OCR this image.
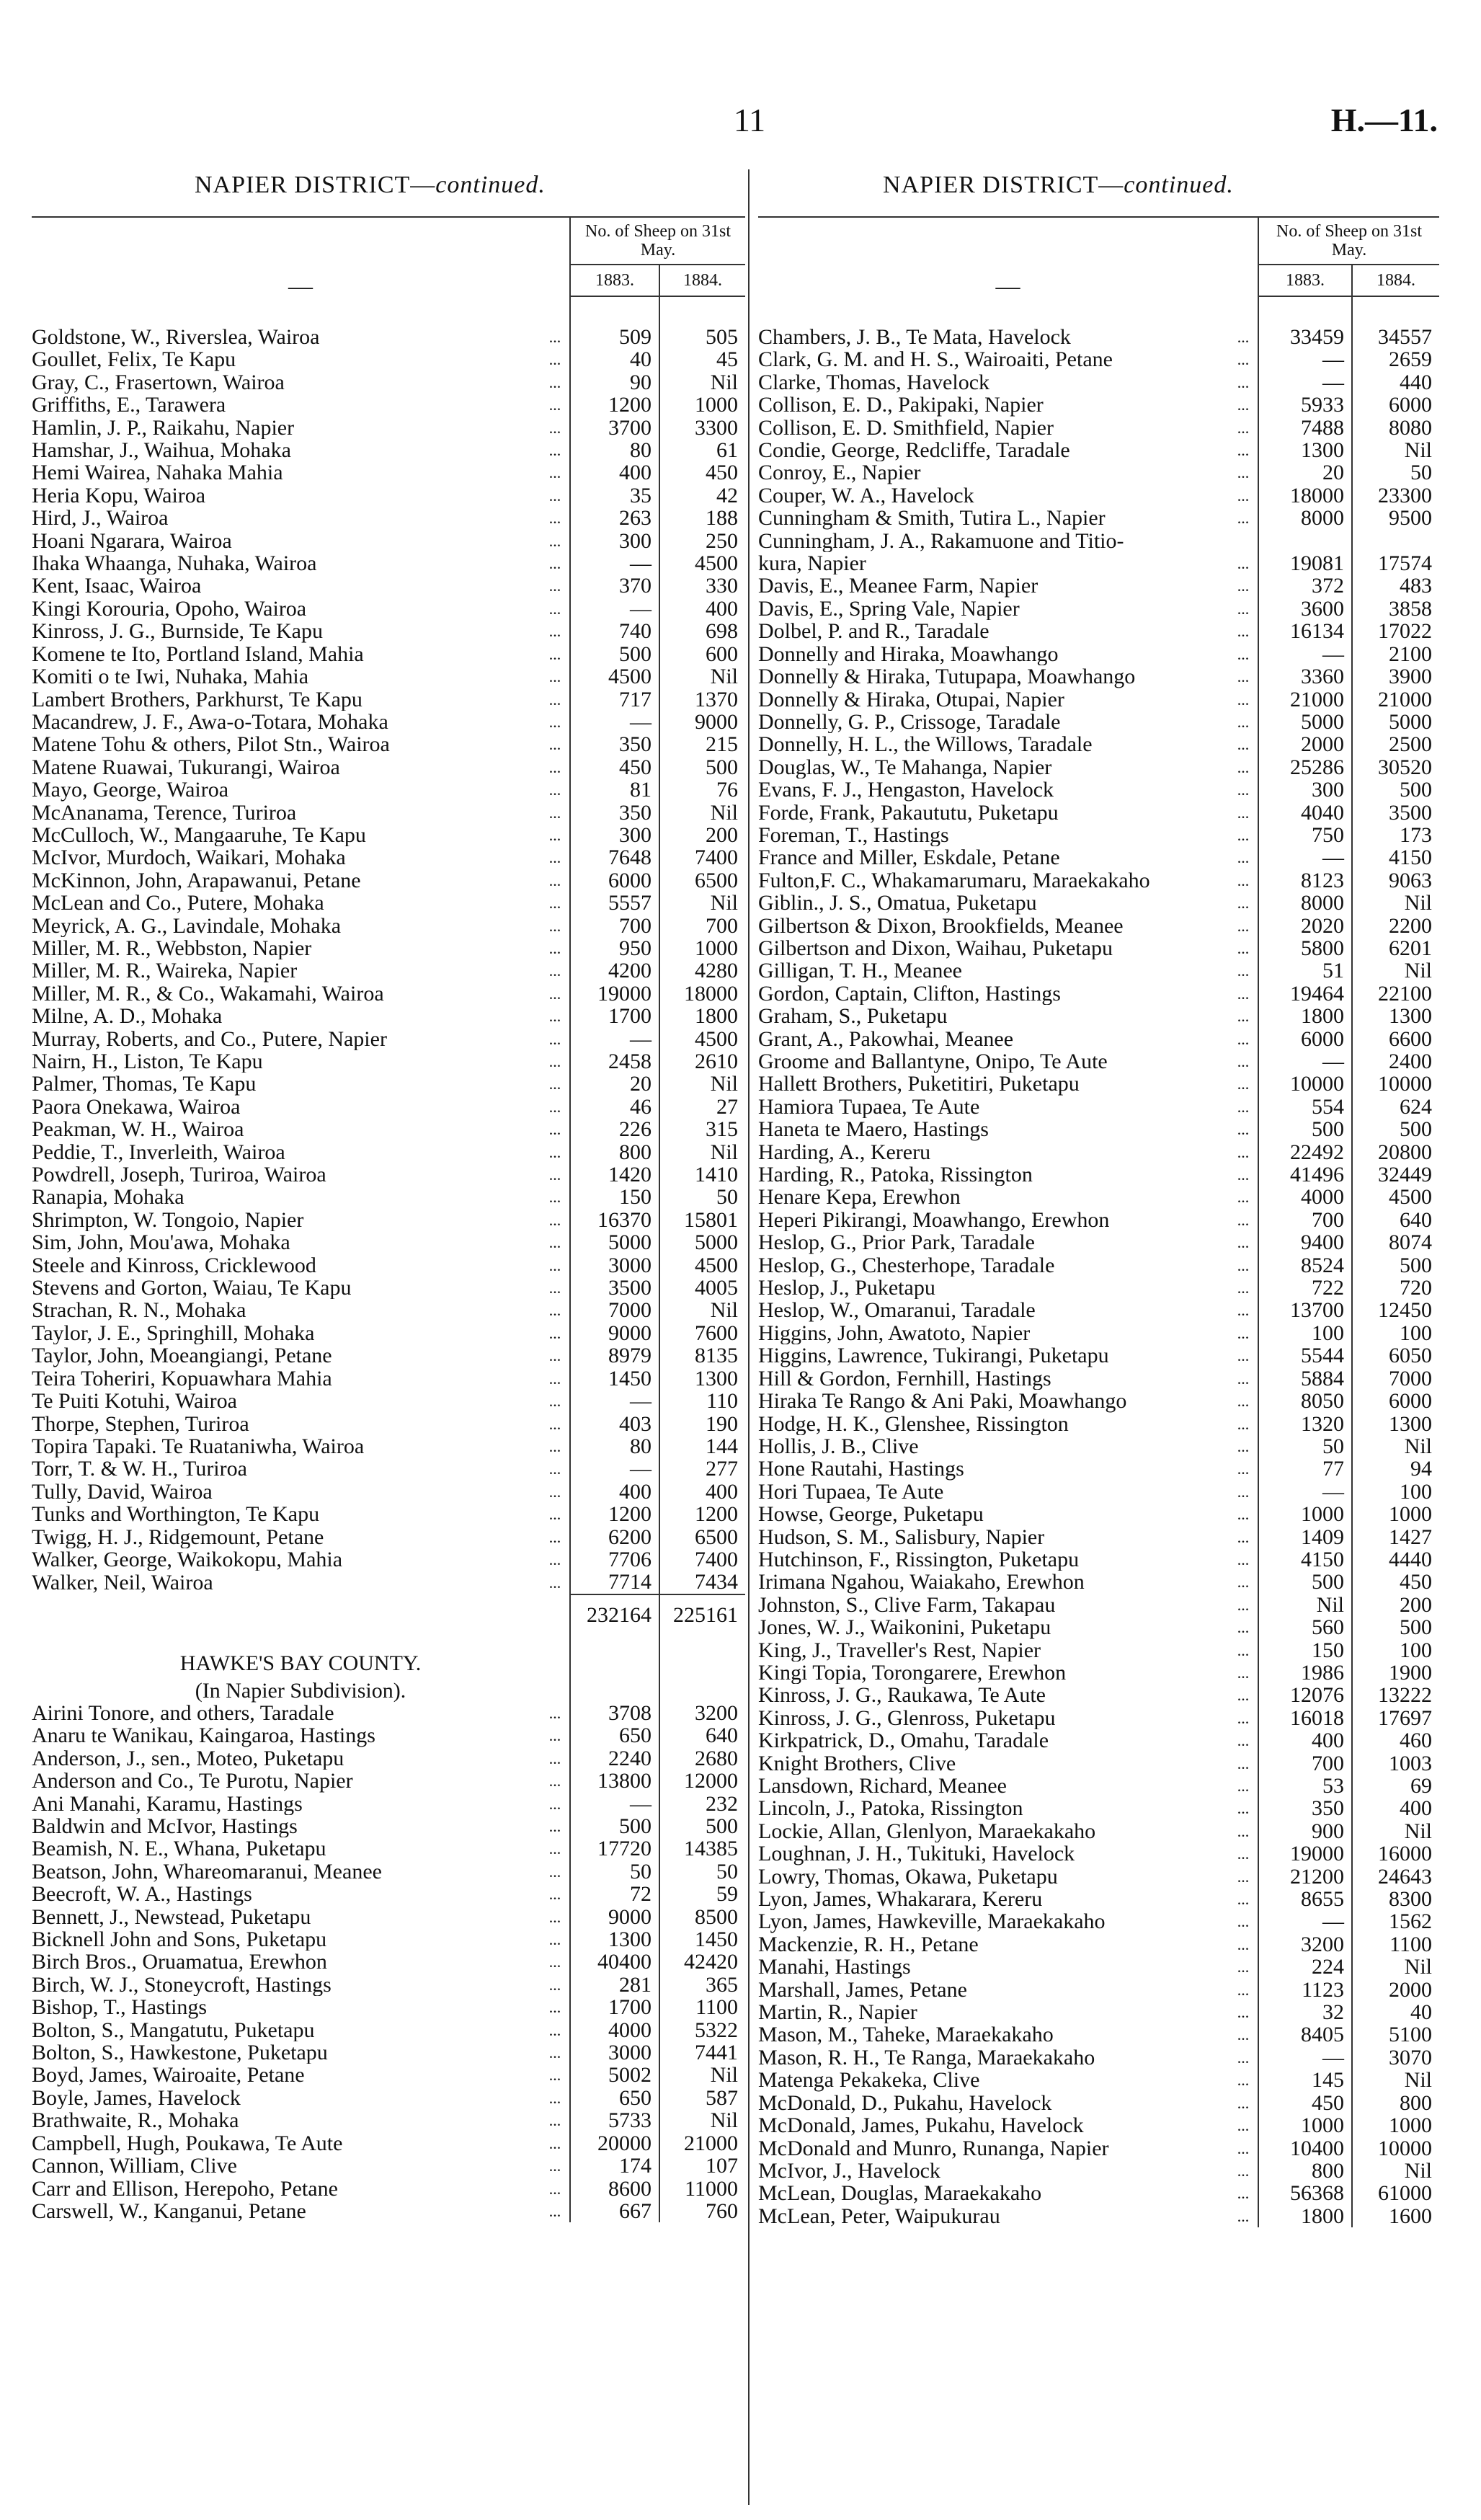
11	H.—11.
NAPIER DISTRICT—continued.	NAPIER DISTRICT—continued.
—		No. of Sheep on 31st May.	
		1883.	1884.

Goldstone, W., Riverslea, Wairoa	...	509	505
Goullet, Felix, Te Kapu	...	40	45
Gray, C., Frasertown, Wairoa	...	90	Nil
Griffiths, E., Tarawera	...	1200	1000
Hamlin, J. P., Raikahu, Napier	...	3700	3300
Hamshar, J., Waihua, Mohaka	...	80	61
Hemi Wairea, Nahaka Mahia	...	400	450
Heria Kopu, Wairoa	...	35	42
Hird, J., Wairoa	...	263	188
Hoani Ngarara, Wairoa	...	300	250
Ihaka Whaanga, Nuhaka, Wairoa	...	—	4500
Kent, Isaac, Wairoa	...	370	330
Kingi Korouria, Opoho, Wairoa	...	—	400
Kinross, J. G., Burnside, Te Kapu	...	740	698
Komene te Ito, Portland Island, Mahia	...	500	600
Komiti o te Iwi, Nuhaka, Mahia	...	4500	Nil
Lambert Brothers, Parkhurst, Te Kapu	...	717	1370
Macandrew, J. F., Awa-o-Totara, Mohaka	...	—	9000
Matene Tohu & others, Pilot Stn., Wairoa	...	350	215
Matene Ruawai, Tukurangi, Wairoa	...	450	500
Mayo, George, Wairoa	...	81	76
McAnanama, Terence, Turiroa	...	350	Nil
McCulloch, W., Mangaaruhe, Te Kapu	...	300	200
McIvor, Murdoch, Waikari, Mohaka	...	7648	7400
McKinnon, John, Arapawanui, Petane	...	6000	6500
McLean and Co., Putere, Mohaka	...	5557	Nil
Meyrick, A. G., Lavindale, Mohaka	...	700	700
Miller, M. R., Webbston, Napier	...	950	1000
Miller, M. R., Waireka, Napier	...	4200	4280
Miller, M. R., & Co., Wakamahi, Wairoa	...	19000	18000
Milne, A. D., Mohaka	...	1700	1800
Murray, Roberts, and Co., Putere, Napier	...	—	4500
Nairn, H., Liston, Te Kapu	...	2458	2610
Palmer, Thomas, Te Kapu	...	20	Nil
Paora Onekawa, Wairoa	...	46	27
Peakman, W. H., Wairoa	...	226	315
Peddie, T., Inverleith, Wairoa	...	800	Nil
Powdrell, Joseph, Turiroa, Wairoa	...	1420	1410
Ranapia, Mohaka	...	150	50
Shrimpton, W. Tongoio, Napier	...	16370	15801
Sim, John, Mou'awa, Mohaka	...	5000	5000
Steele and Kinross, Cricklewood	...	3000	4500
Stevens and Gorton, Waiau, Te Kapu	...	3500	4005
Strachan, R. N., Mohaka	...	7000	Nil
Taylor, J. E., Springhill, Mohaka	...	9000	7600
Taylor, John, Moeangiangi, Petane	...	8979	8135
Teira Toheriri, Kopuawhara Mahia	...	1450	1300
Te Puiti Kotuhi, Wairoa	...	—	110
Thorpe, Stephen, Turiroa	...	403	190
Topira Tapaki. Te Ruataniwha, Wairoa	...	80	144
Torr, T. & W. H., Turiroa	...	—	277
Tully, David, Wairoa	...	400	400
Tunks and Worthington, Te Kapu	...	1200	1200
Twigg, H. J., Ridgemount, Petane	...	6200	6500
Walker, George, Waikokopu, Mahia	...	7706	7400
Walker, Neil, Wairoa	...	7714	7434
		232164	225161
HAWKE'S BAY COUNTY.			
(In Napier Subdivision).			
Airini Tonore, and others, Taradale	...	3708	3200
Anaru te Wanikau, Kaingaroa, Hastings	...	650	640
Anderson, J., sen., Moteo, Puketapu	...	2240	2680
Anderson and Co., Te Purotu, Napier	...	13800	12000
Ani Manahi, Karamu, Hastings	...	—	232
Baldwin and McIvor, Hastings	...	500	500
Beamish, N. E., Whana, Puketapu	...	17720	14385
Beatson, John, Whareomaranui, Meanee	...	50	50
Beecroft, W. A., Hastings	...	72	59
Bennett, J., Newstead, Puketapu	...	9000	8500
Bicknell John and Sons, Puketapu	...	1300	1450
Birch Bros., Oruamatua, Erewhon	...	40400	42420
Birch, W. J., Stoneycroft, Hastings	...	281	365
Bishop, T., Hastings	...	1700	1100
Bolton, S., Mangatutu, Puketapu	...	4000	5322
Bolton, S., Hawkestone, Puketapu	...	3000	7441
Boyd, James, Wairoaite, Petane	...	5002	Nil
Boyle, James, Havelock	...	650	587
Brathwaite, R., Mohaka	...	5733	Nil
Campbell, Hugh, Poukawa, Te Aute	...	20000	21000
Cannon, William, Clive	...	174	107
Carr and Ellison, Herepoho, Petane	...	8600	11000
Carswell, W., Kanganui, Petane	...	667	760
—		No. of Sheep on 31st May.	
		1883.	1884.

Chambers, J. B., Te Mata, Havelock	...	33459	34557
Clark, G. M. and H. S., Wairoaiti, Petane	...	—	2659
Clarke, Thomas, Havelock	...	—	440
Collison, E. D., Pakipaki, Napier	...	5933	6000
Collison, E. D. Smithfield, Napier	...	7488	8080
Condie, George, Redcliffe, Taradale	...	1300	Nil
Conroy, E., Napier	...	20	50
Couper, W. A., Havelock	...	18000	23300
Cunningham & Smith, Tutira L., Napier	...	8000	9500
Cunningham, J. A., Rakamuone and Titio-			
kura, Napier	...	19081	17574
Davis, E., Meanee Farm, Napier	...	372	483
Davis, E., Spring Vale, Napier	...	3600	3858
Dolbel, P. and R., Taradale	...	16134	17022
Donnelly and Hiraka, Moawhango	...	—	2100
Donnelly & Hiraka, Tutupapa, Moawhango	...	3360	3900
Donnelly & Hiraka, Otupai, Napier	...	21000	21000
Donnelly, G. P., Crissoge, Taradale	...	5000	5000
Donnelly, H. L., the Willows, Taradale	...	2000	2500
Douglas, W., Te Mahanga, Napier	...	25286	30520
Evans, F. J., Hengaston, Havelock	...	300	500
Forde, Frank, Pakaututu, Puketapu	...	4040	3500
Foreman, T., Hastings	...	750	173
France and Miller, Eskdale, Petane	...	—	4150
Fulton,F. C., Whakamarumaru, Maraekakaho	...	8123	9063
Giblin., J. S., Omatua, Puketapu	...	8000	Nil
Gilbertson & Dixon, Brookfields, Meanee	...	2020	2200
Gilbertson and Dixon, Waihau, Puketapu	...	5800	6201
Gilligan, T. H., Meanee	...	51	Nil
Gordon, Captain, Clifton, Hastings	...	19464	22100
Graham, S., Puketapu	...	1800	1300
Grant, A., Pakowhai, Meanee	...	6000	6600
Groome and Ballantyne, Onipo, Te Aute	...	—	2400
Hallett Brothers, Puketitiri, Puketapu	...	10000	10000
Hamiora Tupaea, Te Aute	...	554	624
Haneta te Maero, Hastings	...	500	500
Harding, A., Kereru	...	22492	20800
Harding, R., Patoka, Rissington	...	41496	32449
Henare Kepa, Erewhon	...	4000	4500
Heperi Pikirangi, Moawhango, Erewhon	...	700	640
Heslop, G., Prior Park, Taradale	...	9400	8074
Heslop, G., Chesterhope, Taradale	...	8524	500
Heslop, J., Puketapu	...	722	720
Heslop, W., Omaranui, Taradale	...	13700	12450
Higgins, John, Awatoto, Napier	...	100	100
Higgins, Lawrence, Tukirangi, Puketapu	...	5544	6050
Hill & Gordon, Fernhill, Hastings	...	5884	7000
Hiraka Te Rango & Ani Paki, Moawhango	...	8050	6000
Hodge, H. K., Glenshee, Rissington	...	1320	1300
Hollis, J. B., Clive	...	50	Nil
Hone Rautahi, Hastings	...	77	94
Hori Tupaea, Te Aute	...	—	100
Howse, George, Puketapu	...	1000	1000
Hudson, S. M., Salisbury, Napier	...	1409	1427
Hutchinson, F., Rissington, Puketapu	...	4150	4440
Irimana Ngahou, Waiakaho, Erewhon	...	500	450
Johnston, S., Clive Farm, Takapau	...	Nil	200
Jones, W. J., Waikonini, Puketapu	...	560	500
King, J., Traveller's Rest, Napier	...	150	100
Kingi Topia, Torongarere, Erewhon	...	1986	1900
Kinross, J. G., Raukawa, Te Aute	...	12076	13222
Kinross, J. G., Glenross, Puketapu	...	16018	17697
Kirkpatrick, D., Omahu, Taradale	...	400	460
Knight Brothers, Clive	...	700	1003
Lansdown, Richard, Meanee	...	53	69
Lincoln, J., Patoka, Rissington	...	350	400
Lockie, Allan, Glenlyon, Maraekakaho	...	900	Nil
Loughnan, J. H., Tukituki, Havelock	...	19000	16000
Lowry, Thomas, Okawa, Puketapu	...	21200	24643
Lyon, James, Whakarara, Kereru	...	8655	8300
Lyon, James, Hawkeville, Maraekakaho	...	—	1562
Mackenzie, R. H., Petane	...	3200	1100
Manahi, Hastings	...	224	Nil
Marshall, James, Petane	...	1123	2000
Martin, R., Napier	...	32	40
Mason, M., Taheke, Maraekakaho	...	8405	5100
Mason, R. H., Te Ranga, Maraekakaho	...	—	3070
Matenga Pekakeka, Clive	...	145	Nil
McDonald, D., Pukahu, Havelock	...	450	800
McDonald, James, Pukahu, Havelock	...	1000	1000
McDonald and Munro, Runanga, Napier	...	10400	10000
McIvor, J., Havelock	...	800	Nil
McLean, Douglas, Maraekakaho	...	56368	61000
McLean, Peter, Waipukurau	...	1800	1600
